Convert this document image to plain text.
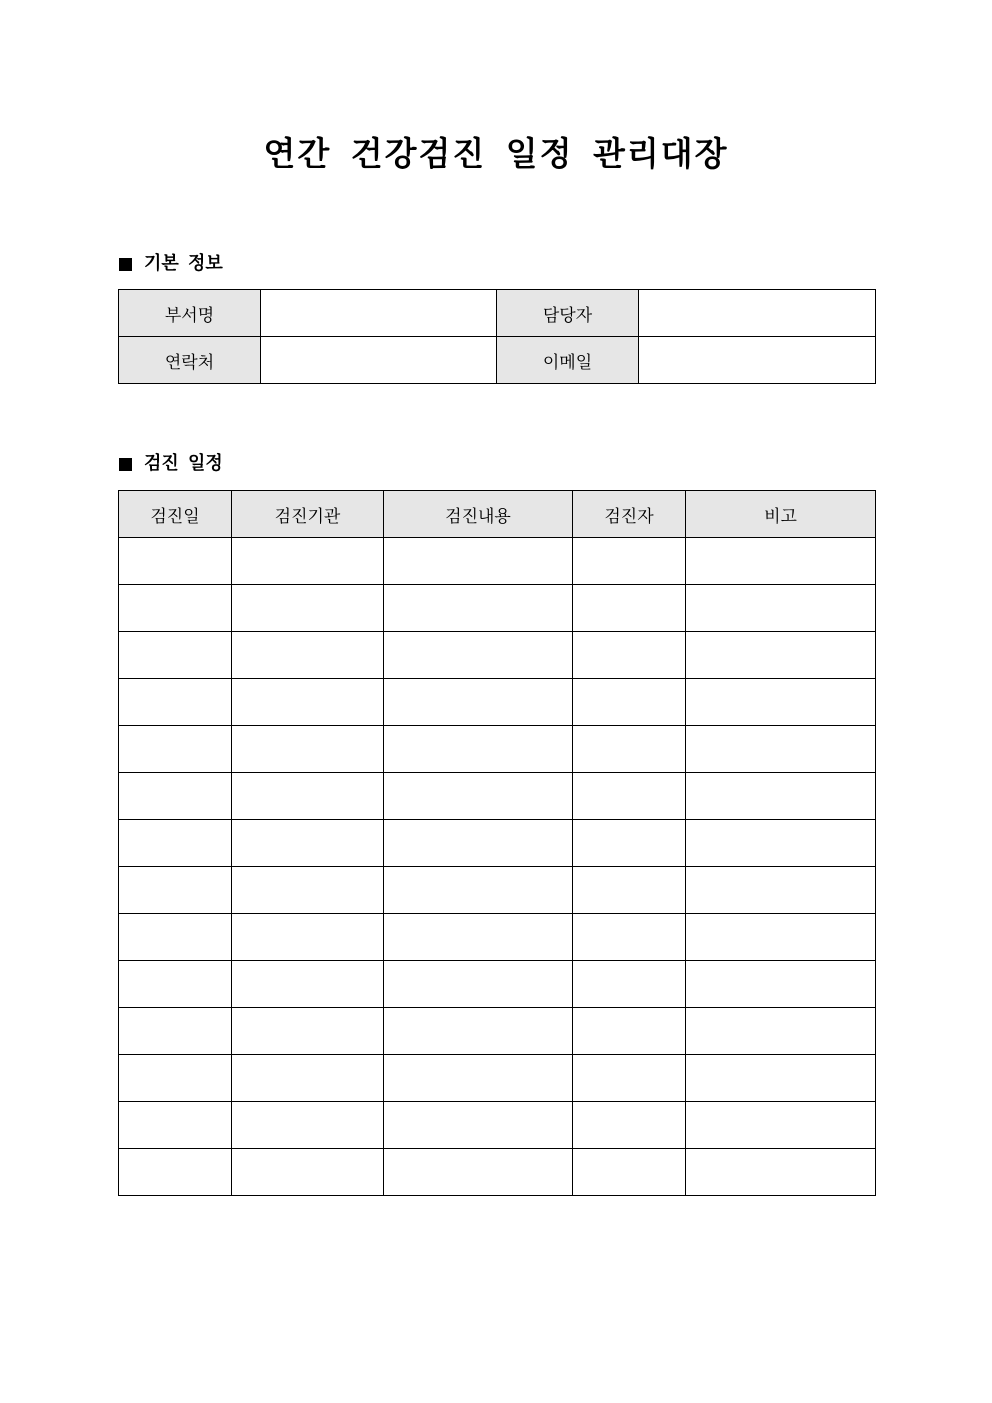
연간 건강검진 일정 관리대장
기본 정보
부서명		담당자	
연락처		이메일	
검진 일정
검진일	검진기관	검진내용	검진자	비고
